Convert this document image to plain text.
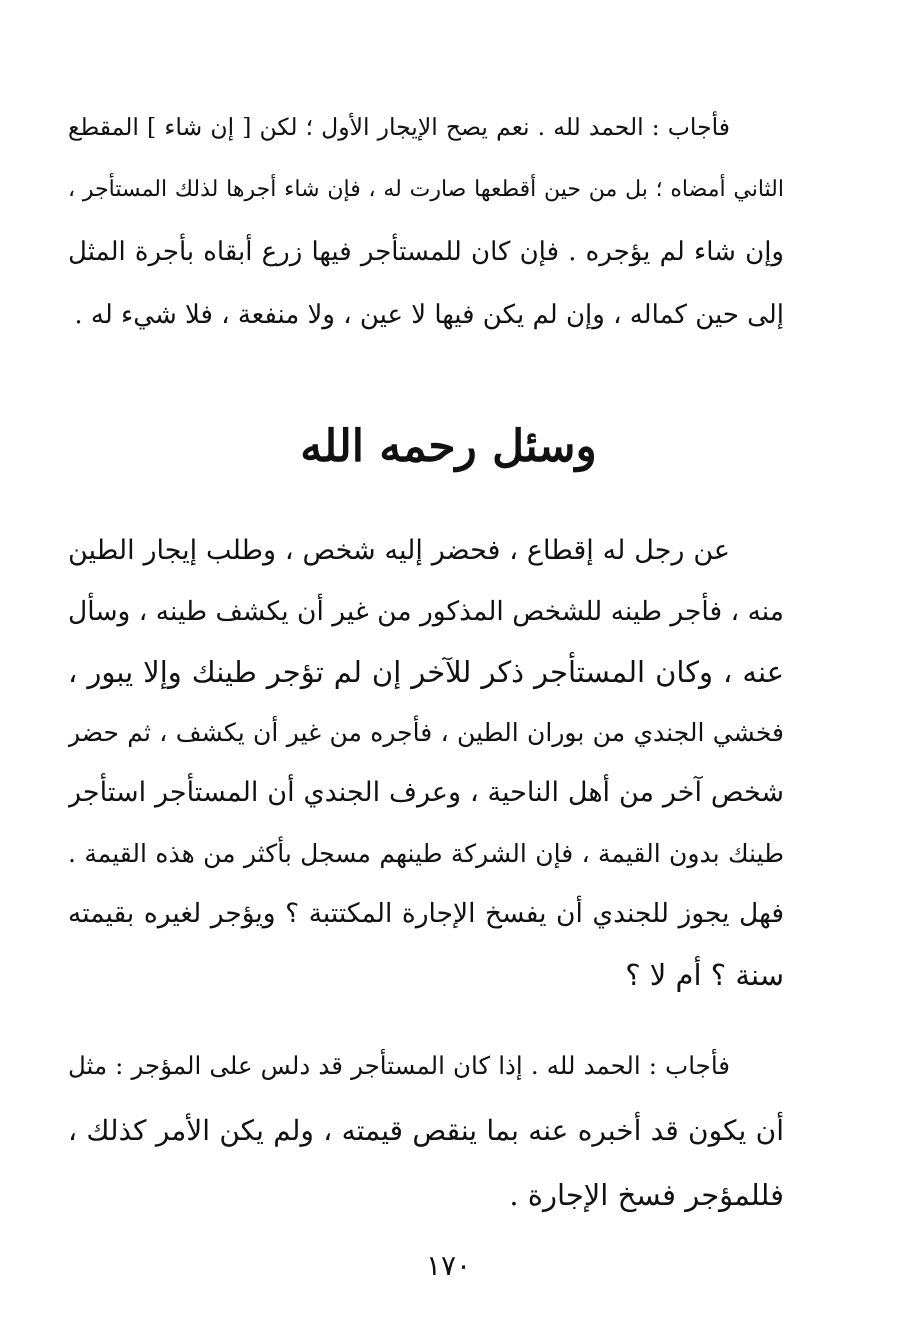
فأجاب : الحمد لله . نعم يصح الإيجار الأول ؛ لكن [ إن شاء ] المقطع
الثاني أمضاه ؛ بل من حين أقطعها صارت له ، فإن شاء أجرها لذلك المستأجر ،
وإن شاء لم يؤجره . فإن كان للمستأجر فيها زرع أبقاه بأجرة المثل
إلى حين كماله ، وإن لم يكن فيها لا عين ، ولا منفعة ، فلا شيء له .
وسئل رحمه الله
عن رجل له إقطاع ، فحضر إليه شخص ، وطلب إيجار الطين
منه ، فأجر طينه للشخص المذكور من غير أن يكشف طينه ، وسأل
عنه ، وكان المستأجر ذكر للآخر إن لم تؤجر طينك وإلا يبور ،
فخشي الجندي من بوران الطين ، فأجره من غير أن يكشف ، ثم حضر
شخص آخر من أهل الناحية ، وعرف الجندي أن المستأجر استأجر
طينك بدون القيمة ، فإن الشركة طينهم مسجل بأكثر من هذه القيمة .
فهل يجوز للجندي أن يفسخ الإجارة المكتتبة ؟ ويؤجر لغيره بقيمته
سنة ؟ أم لا ؟
فأجاب : الحمد لله . إذا كان المستأجر قد دلس على المؤجر : مثل
أن يكون قد أخبره عنه بما ينقص قيمته ، ولم يكن الأمر كذلك ،
فللمؤجر فسخ الإجارة .
١٧٠
